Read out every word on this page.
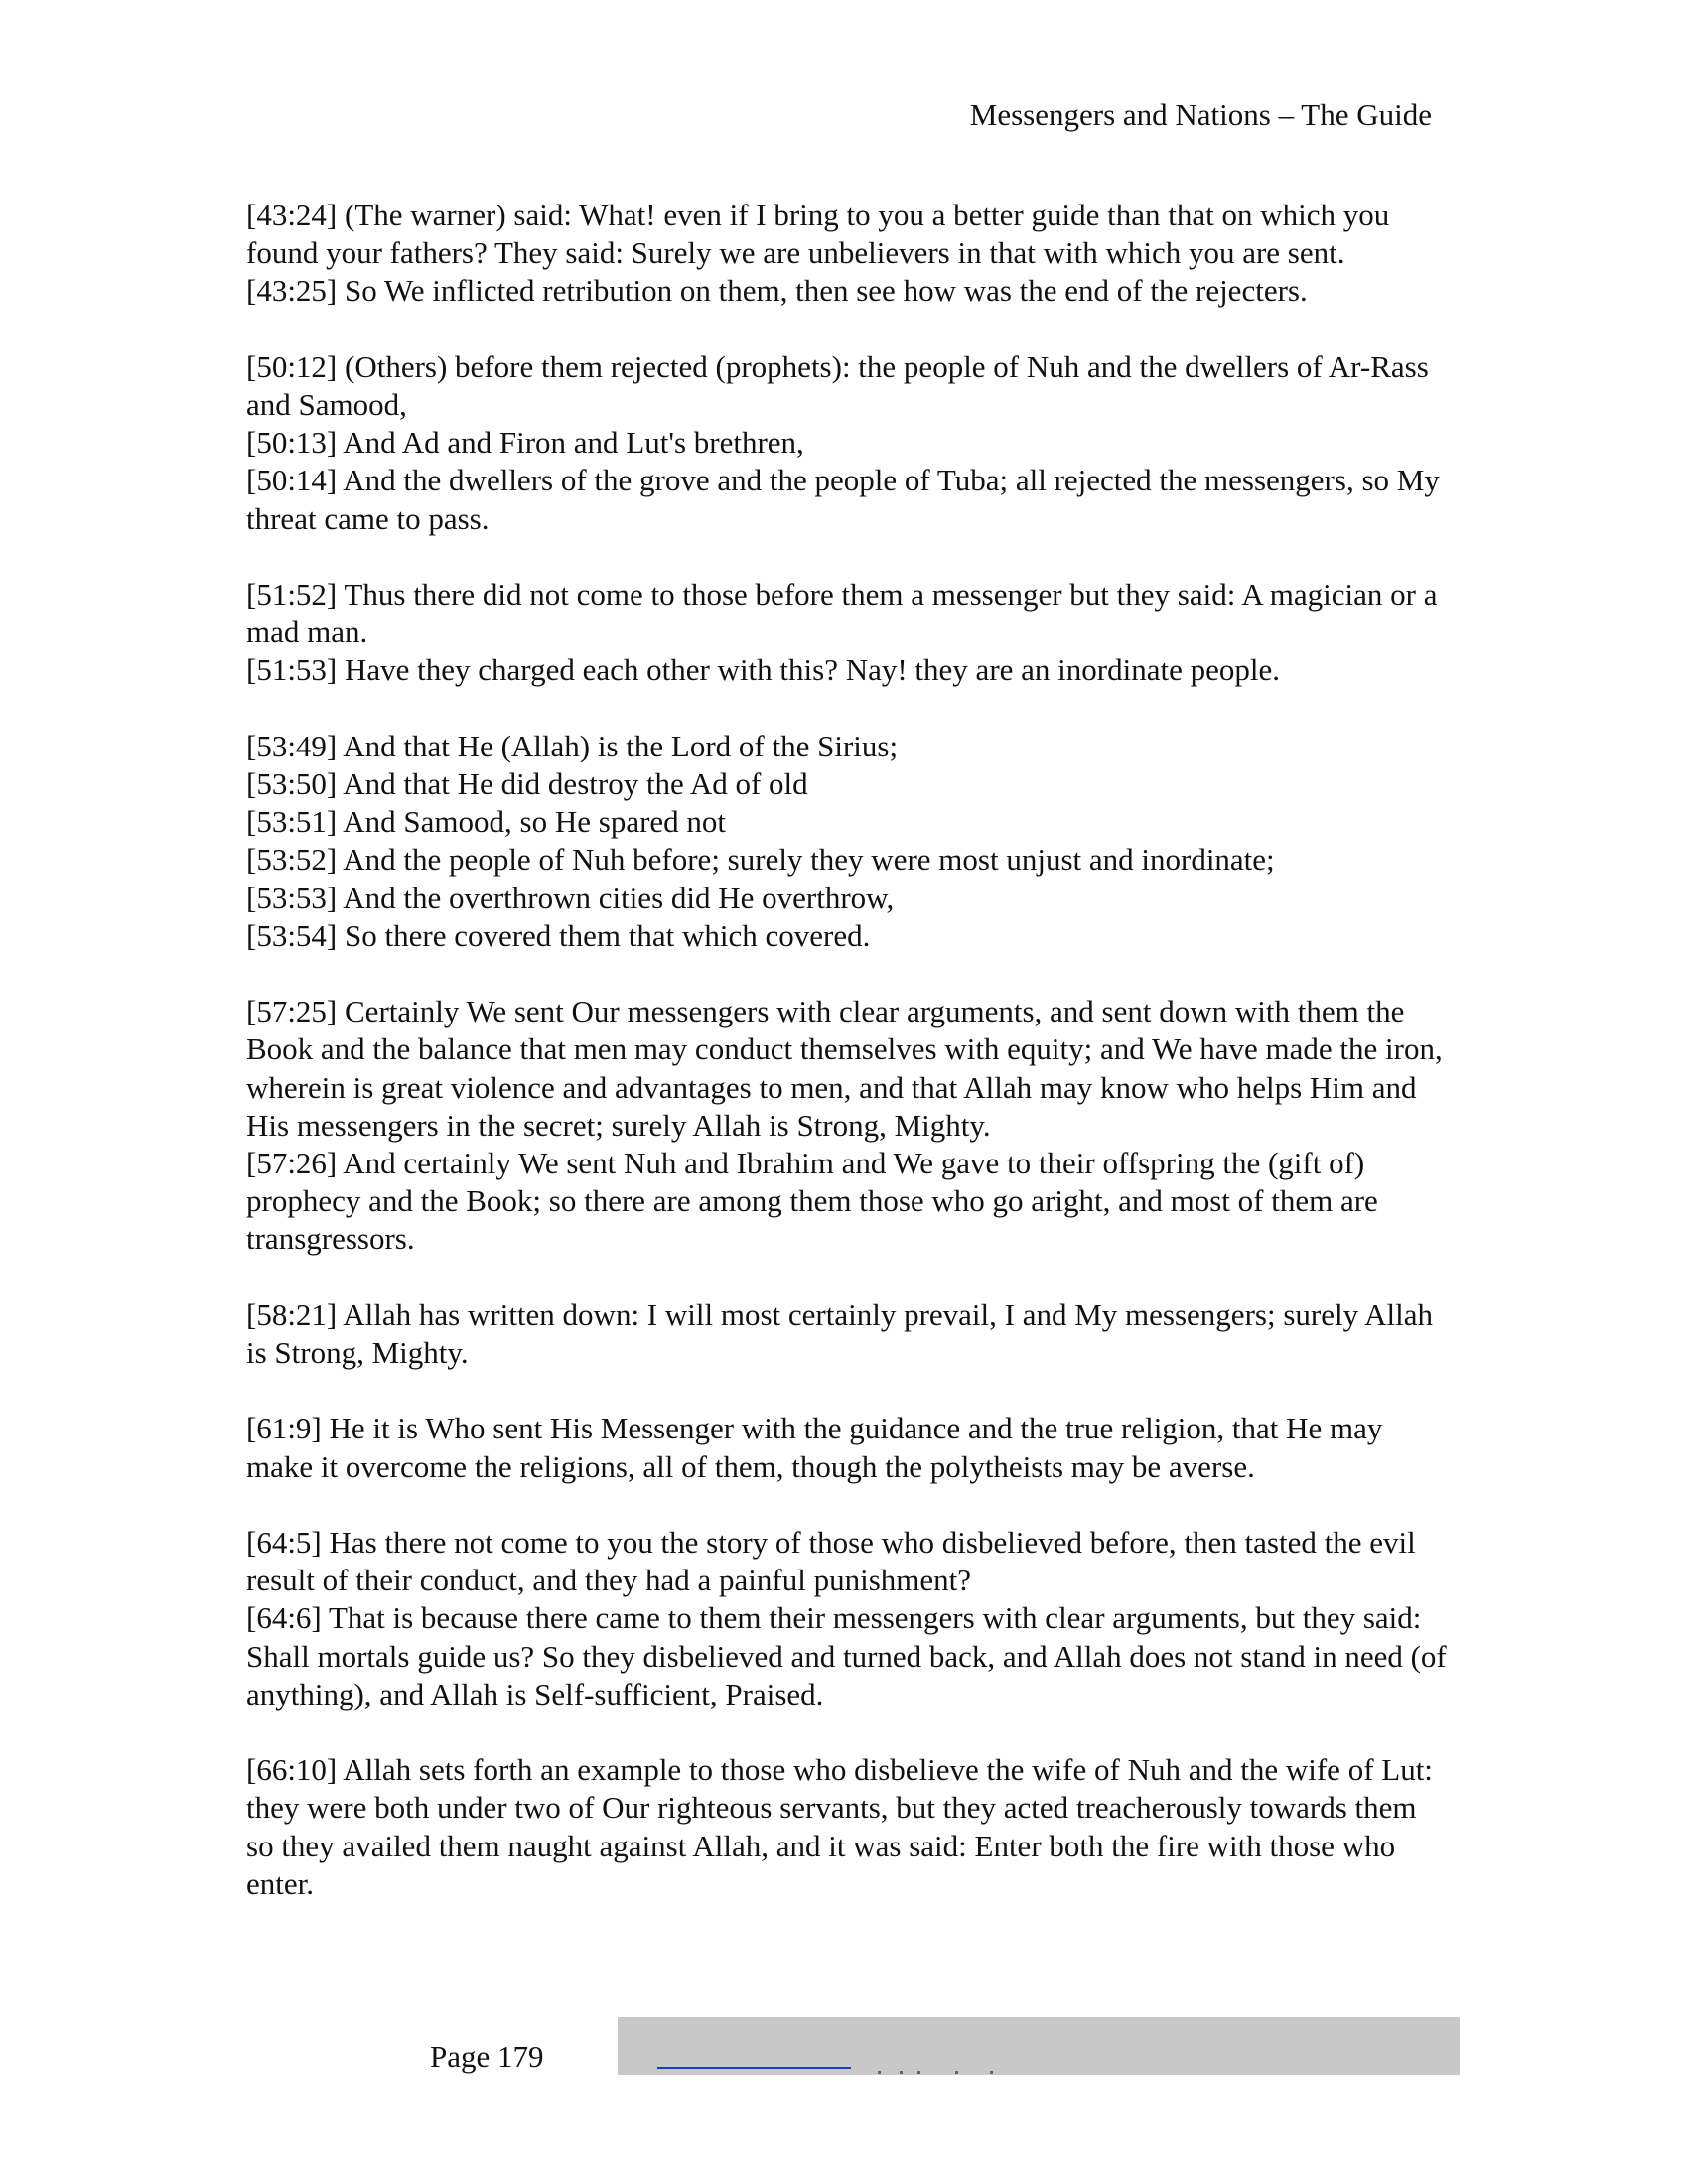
Messengers and Nations – The Guide

[43:24] (The warner) said: What! even if I bring to you a better guide than that on which you found your fathers? They said: Surely we are unbelievers in that with which you are sent.
[43:25] So We inflicted retribution on them, then see how was the end of the rejecters.

[50:12] (Others) before them rejected (prophets): the people of Nuh and the dwellers of Ar-Rass and Samood,
[50:13] And Ad and Firon and Lut's brethren,
[50:14] And the dwellers of the grove and the people of Tuba; all rejected the messengers, so My threat came to pass.

[51:52] Thus there did not come to those before them a messenger but they said: A magician or a mad man.
[51:53] Have they charged each other with this? Nay! they are an inordinate people.

[53:49] And that He (Allah) is the Lord of the Sirius;
[53:50] And that He did destroy the Ad of old
[53:51] And Samood, so He spared not
[53:52] And the people of Nuh before; surely they were most unjust and inordinate;
[53:53] And the overthrown cities did He overthrow,
[53:54] So there covered them that which covered.

[57:25] Certainly We sent Our messengers with clear arguments, and sent down with them the Book and the balance that men may conduct themselves with equity; and We have made the iron, wherein is great violence and advantages to men, and that Allah may know who helps Him and His messengers in the secret; surely Allah is Strong, Mighty.
[57:26] And certainly We sent Nuh and Ibrahim and We gave to their offspring the (gift of) prophecy and the Book; so there are among them those who go aright, and most of them are transgressors.

[58:21] Allah has written down: I will most certainly prevail, I and My messengers; surely Allah is Strong, Mighty.

[61:9] He it is Who sent His Messenger with the guidance and the true religion, that He may make it overcome the religions, all of them, though the polytheists may be averse.

[64:5] Has there not come to you the story of those who disbelieved before, then tasted the evil result of their conduct, and they had a painful punishment?
[64:6] That is because there came to them their messengers with clear arguments, but they said: Shall mortals guide us? So they disbelieved and turned back, and Allah does not stand in need (of anything), and Allah is Self-sufficient, Praised.

[66:10] Allah sets forth an example to those who disbelieve the wife of Nuh and the wife of Lut: they were both under two of Our righteous servants, but they acted treacherously towards them so they availed them naught against Allah, and it was said: Enter both the fire with those who enter.

Page 179
